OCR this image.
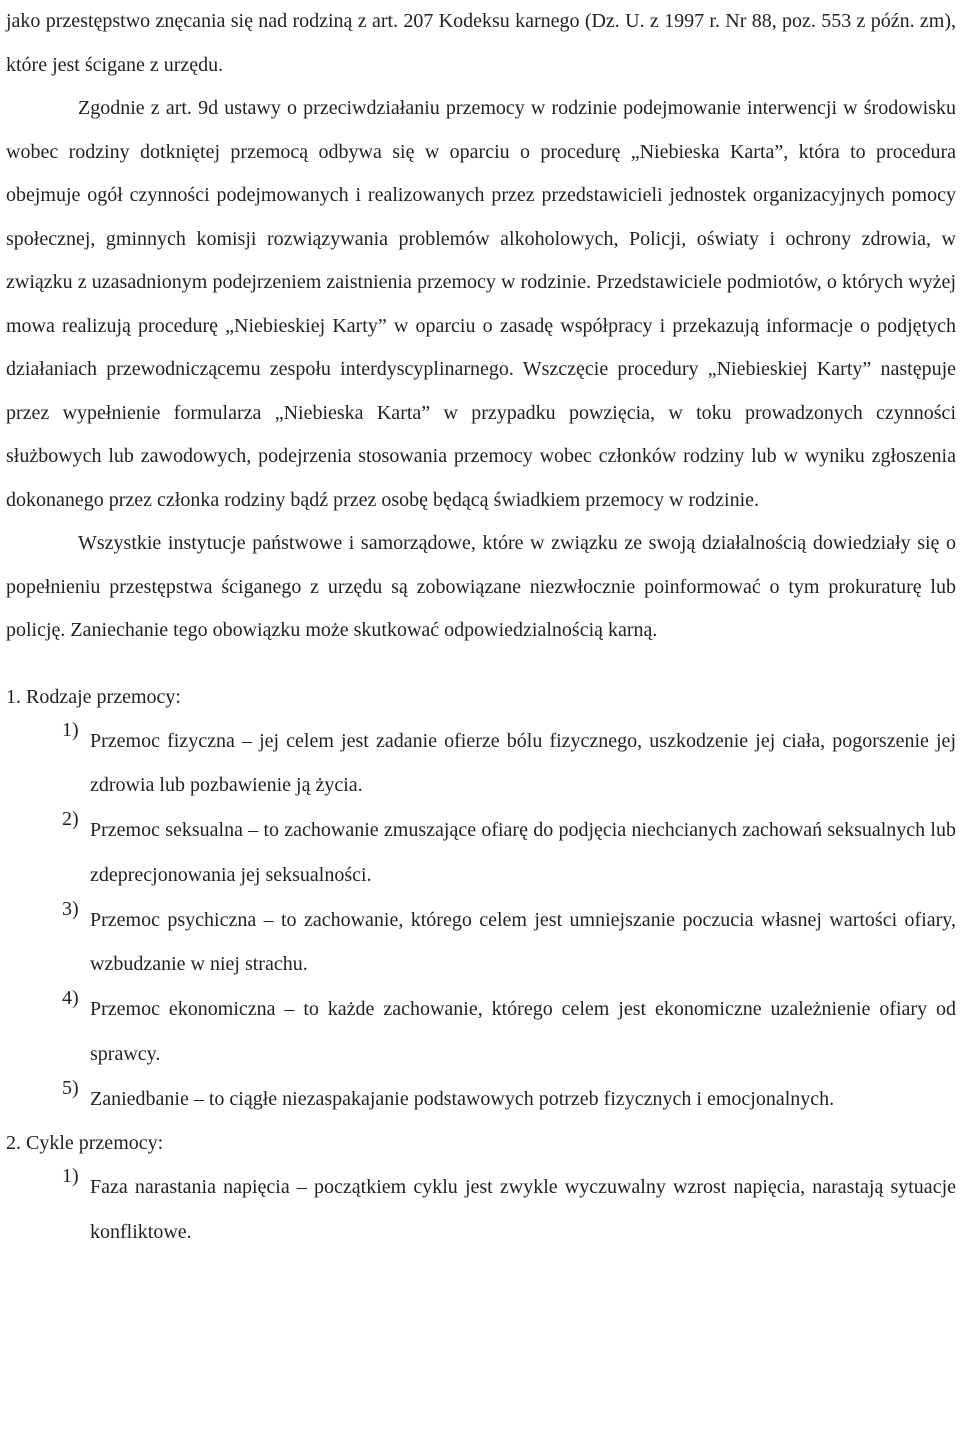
jako przestępstwo znęcania się nad rodziną z art. 207 Kodeksu karnego (Dz. U. z 1997 r. Nr 88, poz. 553 z późn. zm), które jest ścigane z urzędu.

Zgodnie z art. 9d ustawy o przeciwdziałaniu przemocy w rodzinie podejmowanie interwencji w środowisku wobec rodziny dotkniętej przemocą odbywa się w oparciu o procedurę „Niebieska Karta”, która to procedura obejmuje ogół czynności podejmowanych i realizowanych przez przedstawicieli jednostek organizacyjnych pomocy społecznej, gminnych komisji rozwiązywania problemów alkoholowych, Policji, oświaty i ochrony zdrowia, w związku z uzasadnionym podejrzeniem zaistnienia przemocy w rodzinie. Przedstawiciele podmiotów, o których wyżej mowa realizują procedurę „Niebieskiej Karty” w oparciu o zasadę współpracy i przekazują informacje o podjętych działaniach przewodniczącemu zespołu interdyscyplinarnego. Wszczęcie procedury „Niebieskiej Karty” następuje przez wypełnienie formularza „Niebieska Karta” w przypadku powzięcia, w toku prowadzonych czynności służbowych lub zawodowych, podejrzenia stosowania przemocy wobec członków rodziny lub w wyniku zgłoszenia dokonanego przez członka rodziny bądź przez osobę będącą świadkiem przemocy w rodzinie.

Wszystkie instytucje państwowe i samorządowe, które w związku ze swoją działalnością dowiedziały się o popełnieniu przestępstwa ściganego z urzędu są zobowiązane niezwłocznie poinformować o tym prokuraturę lub policję. Zaniechanie tego obowiązku może skutkować odpowiedzialnością karną.

1. Rodzaje przemocy:

1) Przemoc fizyczna – jej celem jest zadanie ofierze bólu fizycznego, uszkodzenie jej ciała, pogorszenie jej zdrowia lub pozbawienie ją życia.
2) Przemoc seksualna – to zachowanie zmuszające ofiarę do podjęcia niechcianych zachowań seksualnych lub zdeprecjonowania jej seksualności.
3) Przemoc psychiczna – to zachowanie, którego celem jest umniejszanie poczucia własnej wartości ofiary, wzbudzanie w niej strachu.
4) Przemoc ekonomiczna – to każde zachowanie, którego celem jest ekonomiczne uzależnienie ofiary od sprawcy.
5) Zaniedbanie – to ciągłe niezaspakajanie podstawowych potrzeb fizycznych i emocjonalnych.

2. Cykle przemocy:

1) Faza narastania napięcia – początkiem cyklu jest zwykle wyczuwalny wzrost napięcia, narastają sytuacje konfliktowe.
